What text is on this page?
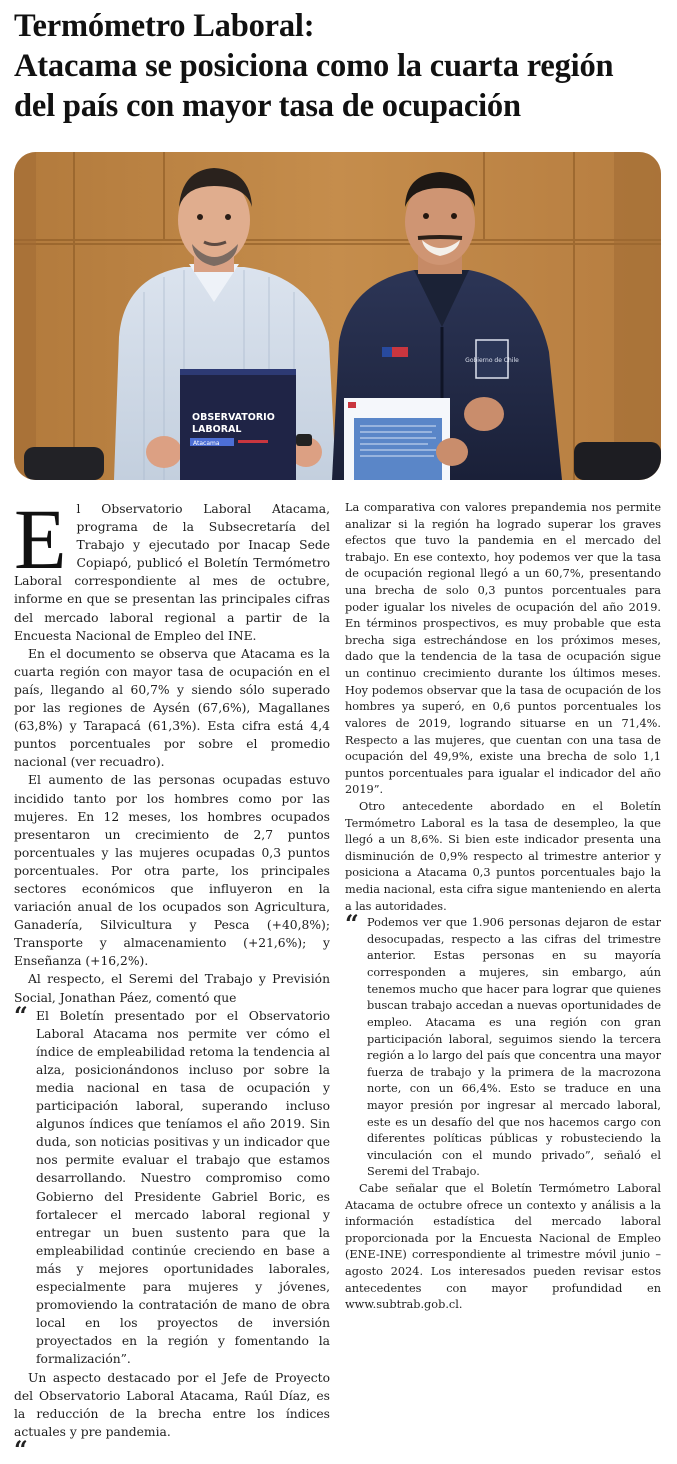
Termómetro Laboral:
Atacama se posiciona como la cuarta región
del país con mayor tasa de ocupación
Gobierno de Chile
OBSERVATORIO
LABORAL
Atacama

El Observatorio Laboral Atacama, programa de la Subsecretaría del Trabajo y ejecutado por Inacap Sede Copiapó, publicó el Boletín Termómetro Laboral correspondiente al mes de octubre, informe en que se presentan las principales cifras del mercado laboral regional a partir de la Encuesta Nacional de Empleo del INE.

En el documento se observa que Atacama es la cuarta región con mayor tasa de ocupación en el país, llegando al 60,7% y siendo sólo superado por las regiones de Aysén (67,6%), Magallanes (63,8%) y Tarapacá (61,3%). Esta cifra está 4,4 puntos porcentuales por sobre el promedio nacional (ver recuadro).

El aumento de las personas ocupadas estuvo incidido tanto por los hombres como por las mujeres. En 12 meses, los hombres ocupados presentaron un crecimiento de 2,7 puntos porcentuales y las mujeres ocupadas 0,3 puntos porcentuales. Por otra parte, los principales sectores económicos que influyeron en la variación anual de los ocupados son Agricultura, Ganadería, Silvicultura y Pesca (+40,8%); Transporte y almacenamiento (+21,6%); y Enseñanza (+16,2%).

Al respecto, el Seremi del Trabajo y Previsión Social, Jonathan Páez, comentó que

“ El Boletín presentado por el Observatorio Laboral Atacama nos permite ver cómo el índice de empleabilidad retoma la tendencia al alza, posicionándonos incluso por sobre la media nacional en tasa de ocupación y participación laboral, superando incluso algunos índices que teníamos el año 2019. Sin duda, son noticias positivas y un indicador que nos permite evaluar el trabajo que estamos desarrollando. Nuestro compromiso como Gobierno del Presidente Gabriel Boric, es fortalecer el mercado laboral regional y entregar un buen sustento para que la empleabilidad continúe creciendo en base a más y mejores oportunidades laborales, especialmente para mujeres y jóvenes, promoviendo la contratación de mano de obra local en los proyectos de inversión proyectados en la región y fomentando la formalización”.

Un aspecto destacado por el Jefe de Proyecto del Observatorio Laboral Atacama, Raúl Díaz, es la reducción de la brecha entre los índices actuales y pre pandemia.

“

La comparativa con valores prepandemia nos permite analizar si la región ha logrado superar los graves efectos que tuvo la pandemia en el mercado del trabajo. En ese contexto, hoy podemos ver que la tasa de ocupación regional llegó a un 60,7%, presentando una brecha de solo 0,3 puntos porcentuales para poder igualar los niveles de ocupación del año 2019. En términos prospectivos, es muy probable que esta brecha siga estrechándose en los próximos meses, dado que la tendencia de la tasa de ocupación sigue un continuo crecimiento durante los últimos meses. Hoy podemos observar que la tasa de ocupación de los hombres ya superó, en 0,6 puntos porcentuales los valores de 2019, logrando situarse en un 71,4%. Respecto a las mujeres, que cuentan con una tasa de ocupación del 49,9%, existe una brecha de solo 1,1 puntos porcentuales para igualar el indicador del año 2019”.

Otro antecedente abordado en el Boletín Termómetro Laboral es la tasa de desempleo, la que llegó a un 8,6%. Si bien este indicador presenta una disminución de 0,9% respecto al trimestre anterior y posiciona a Atacama 0,3 puntos porcentuales bajo la media nacional, esta cifra sigue manteniendo en alerta a las autoridades.

“ Podemos ver que 1.906 personas dejaron de estar desocupadas, respecto a las cifras del trimestre anterior. Estas personas en su mayoría corresponden a mujeres, sin embargo, aún tenemos mucho que hacer para lograr que quienes buscan trabajo accedan a nuevas oportunidades de empleo. Atacama es una región con gran participación laboral, seguimos siendo la tercera región a lo largo del país que concentra una mayor fuerza de trabajo y la primera de la macrozona norte, con un 66,4%. Esto se traduce en una mayor presión por ingresar al mercado laboral, este es un desafío del que nos hacemos cargo con diferentes políticas públicas y robusteciendo la vinculación con el mundo privado”, señaló el Seremi del Trabajo.

Cabe señalar que el Boletín Termómetro Laboral Atacama de octubre ofrece un contexto y análisis a la información estadística del mercado laboral proporcionada por la Encuesta Nacional de Empleo (ENE-INE) correspondiente al trimestre móvil junio – agosto 2024. Los interesados pueden revisar estos antecedentes con mayor profundidad en www.subtrab.gob.cl.
